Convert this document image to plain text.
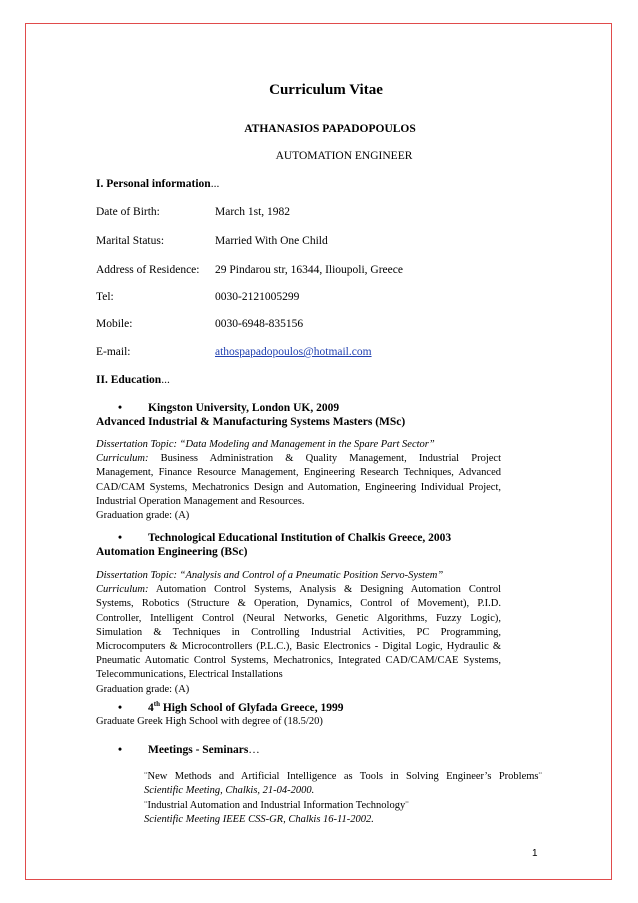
Curriculum Vitae
ATHANASIOS PAPADOPOULOS
AUTOMATION ENGINEER
I. Personal information...
Date of Birth:	March 1st, 1982
Marital Status:	Married With One Child
Address of Residence: 29 Pindarou str, 16344, Ilioupoli, Greece
Tel:	0030-2121005299
Mobile:	0030-6948-835156
E-mail:	athospapadopoulos@hotmail.com
II. Education...
• Kingston University, London UK, 2009
Advanced Industrial & Manufacturing Systems Masters (MSc)
Dissertation Topic: “Data Modeling and Management in the Spare Part Sector”
Curriculum: Business Administration & Quality Management, Industrial Project
Management, Finance Resource Management, Engineering Research Techniques, Advanced
CAD/CAM Systems, Mechatronics Design and Automation, Engineering Individual Project,
Industrial Operation Management and Resources.
Graduation grade: (A)
• Technological Educational Institution of Chalkis Greece, 2003
Automation Engineering (BSc)
Dissertation Topic: “Analysis and Control of a Pneumatic Position Servo-System”
Curriculum: Automation Control Systems, Analysis & Designing Automation Control
Systems, Robotics (Structure & Operation, Dynamics, Control of Movement), P.I.D.
Controller, Intelligent Control (Neural Networks, Genetic Algorithms, Fuzzy Logic),
Simulation & Techniques in Controlling Industrial Activities, PC Programming,
Microcomputers & Microcontrollers (P.L.C.), Basic Electronics - Digital Logic, Hydraulic &
Pneumatic Automatic Control Systems, Mechatronics, Integrated CAD/CAM/CAE Systems,
Telecommunications, Electrical Installations
Graduation grade: (A)
• 4th High School of Glyfada Greece, 1999
Graduate Greek High School with degree of (18.5/20)
• Meetings - Seminars…
¨New Methods and Artificial Intelligence as Tools in Solving Engineer’s Problems¨
Scientific Meeting, Chalkis, 21-04-2000.
¨Industrial Automation and Industrial Information Technology¨
Scientific Meeting IEEE CSS-GR, Chalkis 16-11-2002.
1
